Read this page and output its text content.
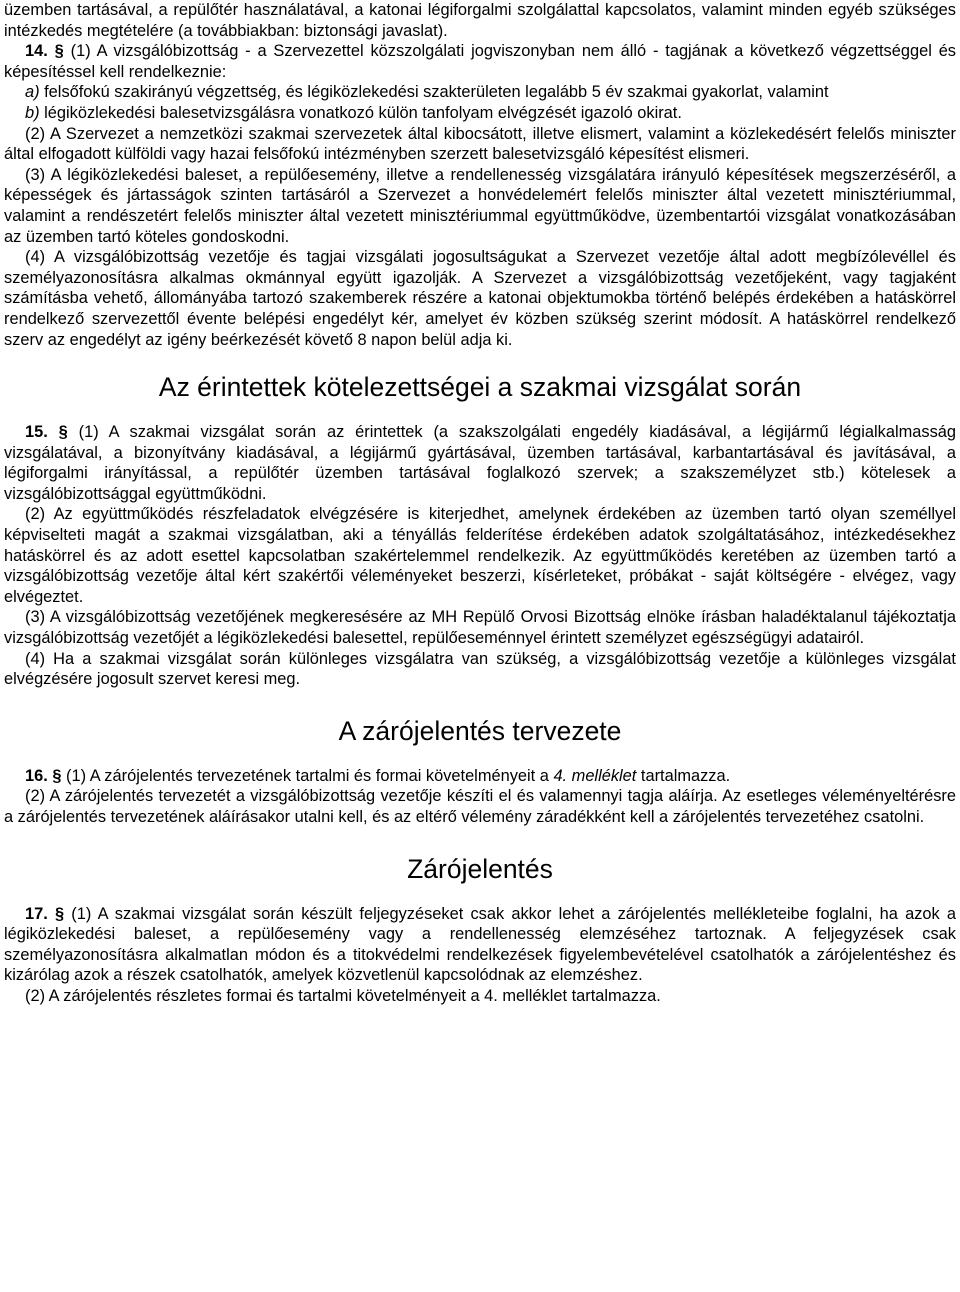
üzemben tartásával, a repülőtér használatával, a katonai légiforgalmi szolgálattal kapcsolatos, valamint minden egyéb szükséges intézkedés megtételére (a továbbiakban: biztonsági javaslat).

14. § (1) A vizsgálóbizottság - a Szervezettel közszolgálati jogviszonyban nem álló - tagjának a következő végzettséggel és képesítéssel kell rendelkeznie:

a) felsőfokú szakirányú végzettség, és légiközlekedési szakterületen legalább 5 év szakmai gyakorlat, valamint

b) légiközlekedési balesetvizsgálásra vonatkozó külön tanfolyam elvégzését igazoló okirat.

(2) A Szervezet a nemzetközi szakmai szervezetek által kibocsátott, illetve elismert, valamint a közlekedésért felelős miniszter által elfogadott külföldi vagy hazai felsőfokú intézményben szerzett balesetvizsgáló képesítést elismeri.

(3) A légiközlekedési baleset, a repülőesemény, illetve a rendellenesség vizsgálatára irányuló képesítések megszerzéséről, a képességek és jártasságok szinten tartásáról a Szervezet a honvédelemért felelős miniszter által vezetett minisztériummal, valamint a rendészetért felelős miniszter által vezetett minisztériummal együttműködve, üzembentartói vizsgálat vonatkozásában az üzemben tartó köteles gondoskodni.

(4) A vizsgálóbizottság vezetője és tagjai vizsgálati jogosultságukat a Szervezet vezetője által adott megbízólevéllel és személyazonosításra alkalmas okmánnyal együtt igazolják. A Szervezet a vizsgálóbizottság vezetőjeként, vagy tagjaként számításba vehető, állományába tartozó szakemberek részére a katonai objektumokba történő belépés érdekében a hatáskörrel rendelkező szervezettől évente belépési engedélyt kér, amelyet év közben szükség szerint módosít. A hatáskörrel rendelkező szerv az engedélyt az igény beérkezését követő 8 napon belül adja ki.

Az érintettek kötelezettségei a szakmai vizsgálat során

15. § (1) A szakmai vizsgálat során az érintettek (a szakszolgálati engedély kiadásával, a légijármű légialkalmasság vizsgálatával, a bizonyítvány kiadásával, a légijármű gyártásával, üzemben tartásával, karbantartásával és javításával, a légiforgalmi irányítással, a repülőtér üzemben tartásával foglalkozó szervek; a szakszemélyzet stb.) kötelesek a vizsgálóbizottsággal együttműködni.

(2) Az együttműködés részfeladatok elvégzésére is kiterjedhet, amelynek érdekében az üzemben tartó olyan személlyel képviselteti magát a szakmai vizsgálatban, aki a tényállás felderítése érdekében adatok szolgáltatásához, intézkedésekhez hatáskörrel és az adott esettel kapcsolatban szakértelemmel rendelkezik. Az együttműködés keretében az üzemben tartó a vizsgálóbizottság vezetője által kért szakértői véleményeket beszerzi, kísérleteket, próbákat - saját költségére - elvégez, vagy elvégeztet.

(3) A vizsgálóbizottság vezetőjének megkeresésére az MH Repülő Orvosi Bizottság elnöke írásban haladéktalanul tájékoztatja vizsgálóbizottság vezetőjét a légiközlekedési balesettel, repülőeseménnyel érintett személyzet egészségügyi adatairól.

(4) Ha a szakmai vizsgálat során különleges vizsgálatra van szükség, a vizsgálóbizottság vezetője a különleges vizsgálat elvégzésére jogosult szervet keresi meg.

A zárójelentés tervezete

16. § (1) A zárójelentés tervezetének tartalmi és formai követelményeit a 4. melléklet tartalmazza.

(2) A zárójelentés tervezetét a vizsgálóbizottság vezetője készíti el és valamennyi tagja aláírja. Az esetleges véleményeltérésre a zárójelentés tervezetének aláírásakor utalni kell, és az eltérő vélemény záradékként kell a zárójelentés tervezetéhez csatolni.

Zárójelentés

17. § (1) A szakmai vizsgálat során készült feljegyzéseket csak akkor lehet a zárójelentés mellékleteibe foglalni, ha azok a légiközlekedési baleset, a repülőesemény vagy a rendellenesség elemzéséhez tartoznak. A feljegyzések csak személyazonosításra alkalmatlan módon és a titokvédelmi rendelkezések figyelembevételével csatolhatók a zárójelentéshez és kizárólag azok a részek csatolhatók, amelyek közvetlenül kapcsolódnak az elemzéshez.

(2) A zárójelentés részletes formai és tartalmi követelményeit a 4. melléklet tartalmazza.
